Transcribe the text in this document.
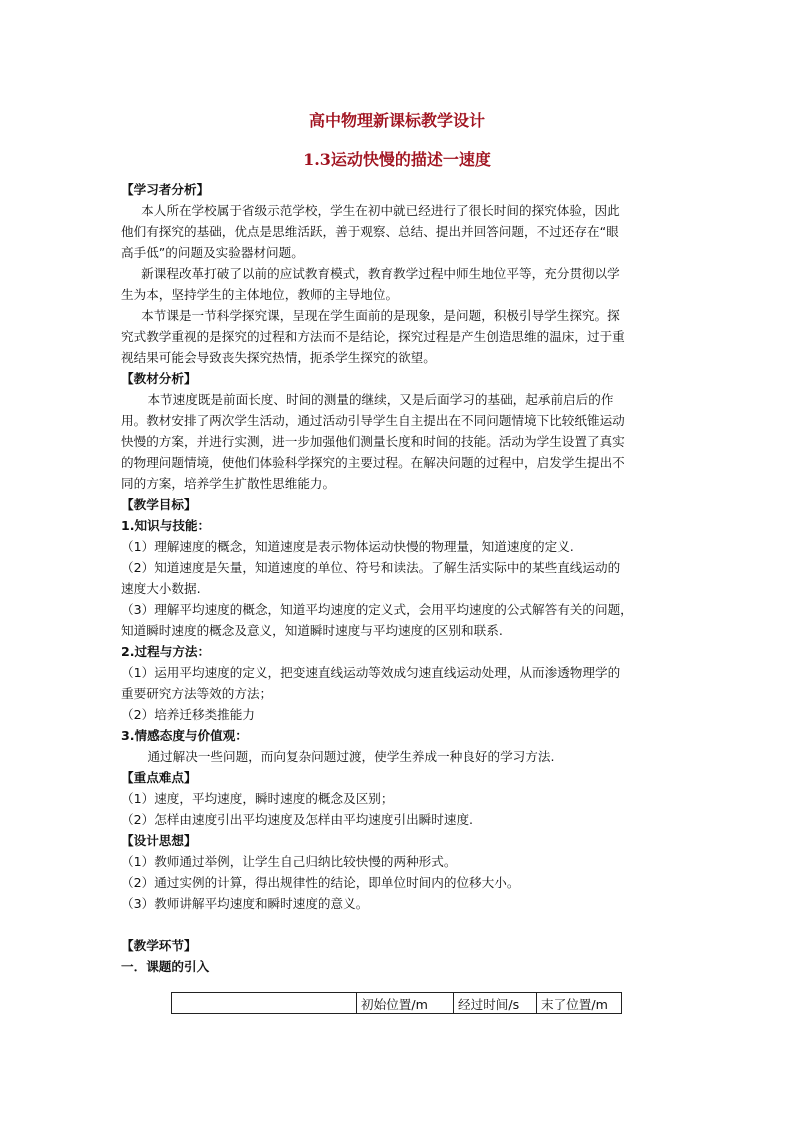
高中物理新课标教学设计
1.3运动快慢的描述一速度

【学习者分析】

本人所在学校属于省级示范学校，学生在初中就已经进行了很长时间的探究体验，因此

他们有探究的基础，优点是思维活跃，善于观察、总结、提出并回答问题，不过还存在“眼

高手低”的问题及实验器材问题。

新课程改革打破了以前的应试教育模式，教育教学过程中师生地位平等，充分贯彻以学

生为本，坚持学生的主体地位，教师的主导地位。

本节课是一节科学探究课，呈现在学生面前的是现象，是问题，积极引导学生探究。探

究式教学重视的是探究的过程和方法而不是结论，探究过程是产生创造思维的温床，过于重

视结果可能会导致丧失探究热情，扼杀学生探究的欲望。

【教材分析】

本节速度既是前面长度、时间的测量的继续，又是后面学习的基础，起承前启后的作

用。教材安排了两次学生活动，通过活动引导学生自主提出在不同问题情境下比较纸锥运动

快慢的方案，并进行实测，进一步加强他们测量长度和时间的技能。活动为学生设置了真实

的物理问题情境，使他们体验科学探究的主要过程。在解决问题的过程中，启发学生提出不

同的方案，培养学生扩散性思维能力。

【教学目标】

1.知识与技能：

（1）理解速度的概念，知道速度是表示物体运动快慢的物理量，知道速度的定义.

（2）知道速度是矢量，知道速度的单位、符号和读法。了解生活实际中的某些直线运动的

速度大小数据.

（3）理解平均速度的概念，知道平均速度的定义式，会用平均速度的公式解答有关的问题，

知道瞬时速度的概念及意义，知道瞬时速度与平均速度的区别和联系.

2.过程与方法：

（1）运用平均速度的定义，把变速直线运动等效成匀速直线运动处理，从而渗透物理学的

重要研究方法等效的方法；

（2）培养迁移类推能力

3.情感态度与价值观：

通过解决一些问题，而向复杂问题过渡，使学生养成一种良好的学习方法.

【重点难点】

（1）速度，平均速度，瞬时速度的概念及区别；

（2）怎样由速度引出平均速度及怎样由平均速度引出瞬时速度.

【设计思想】

（1）教师通过举例，让学生自己归纳比较快慢的两种形式。

（2）通过实例的计算，得出规律性的结论，即单位时间内的位移大小。

（3）教师讲解平均速度和瞬时速度的意义。

【教学环节】

一．课题的引入

	初始位置/m	经过时间/s	末了位置/m
